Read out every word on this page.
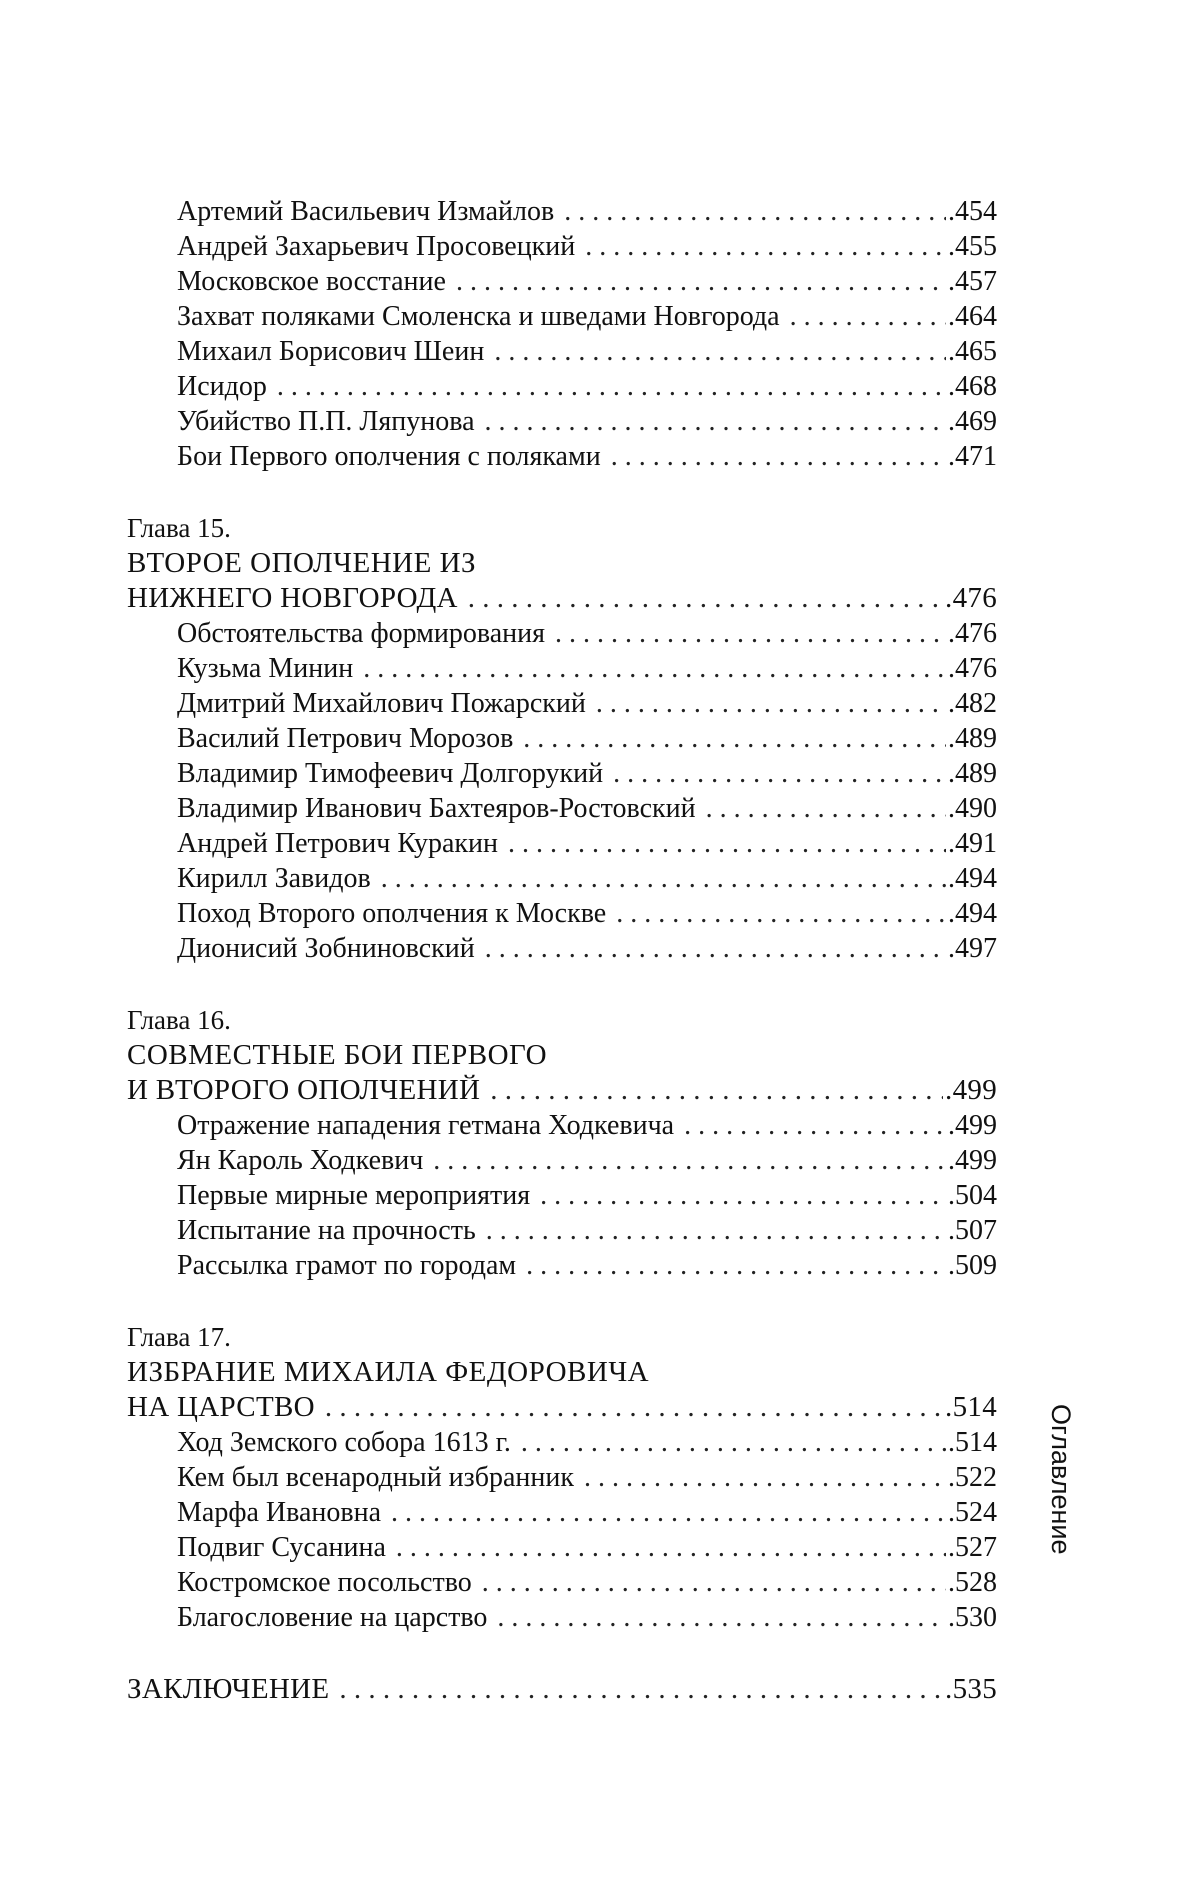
Артемий Васильевич Измайлов . . .	.454
Андрей Захарьевич Просовецкий . . .	.455
Московское восстание . . .	.457
Захват поляками Смоленска и шведами Новгорода . . .	.464
Михаил Борисович Шеин . . .	.465
Исидор . . .	.468
Убийство П.П. Ляпунова . . .	.469
Бои Первого ополчения с поляками . . .	.471
Глава 15.
ВТОРОЕ ОПОЛЧЕНИЕ ИЗ
НИЖНЕГО НОВГОРОДА . . .	.476
Обстоятельства формирования . . .	.476
Кузьма Минин . . .	.476
Дмитрий Михайлович Пожарский . . .	.482
Василий Петрович Морозов . . .	.489
Владимир Тимофеевич Долгорукий . . .	.489
Владимир Иванович Бахтеяров-Ростовский . . .	.490
Андрей Петрович Куракин . . .	.491
Кирилл Завидов . . .	.494
Поход Второго ополчения к Москве . . .	.494
Дионисий Зобниновский . . .	.497
Глава 16.
СОВМЕСТНЫЕ БОИ ПЕРВОГО
И ВТОРОГО ОПОЛЧЕНИЙ . . .	.499
Отражение нападения гетмана Ходкевича . . .	.499
Ян Кароль Ходкевич . . .	.499
Первые мирные мероприятия . . .	.504
Испытание на прочность . . .	.507
Рассылка грамот по городам . . .	.509
Глава 17.
ИЗБРАНИЕ МИХАИЛА ФЕДОРОВИЧА
НА ЦАРСТВО . . .	.514
Ход Земского собора 1613 г. . . .	.514
Кем был всенародный избранник . . .	.522
Марфа Ивановна . . .	.524
Подвиг Сусанина . . .	.527
Костромское посольство . . .	.528
Благословение на царство . . .	.530
ЗАКЛЮЧЕНИЕ . . .	.535
Оглавление
